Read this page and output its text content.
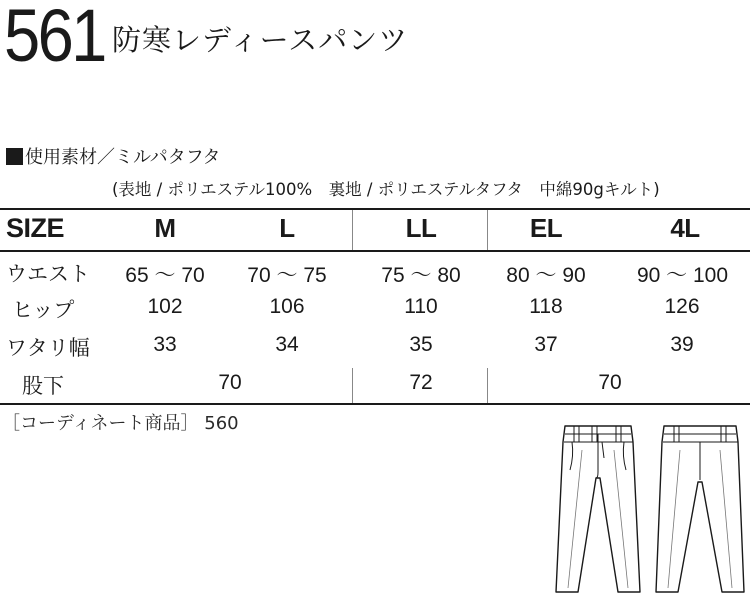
561 防寒レディースパンツ
使用素材／ミルパタフタ
(表地 / ポリエステル100%　裏地 / ポリエステルタフタ　中綿90gキルト)
SIZE	M	L	LL	EL	4L
ウエスト	65 ～ 70	70 ～ 75	75 ～ 80	80 ～ 90	90 ～ 100
ヒップ	102	106	110	118	126
ワタリ幅	33	34	35	37	39
股下	70	72	70
［コーディネート商品］ 560
